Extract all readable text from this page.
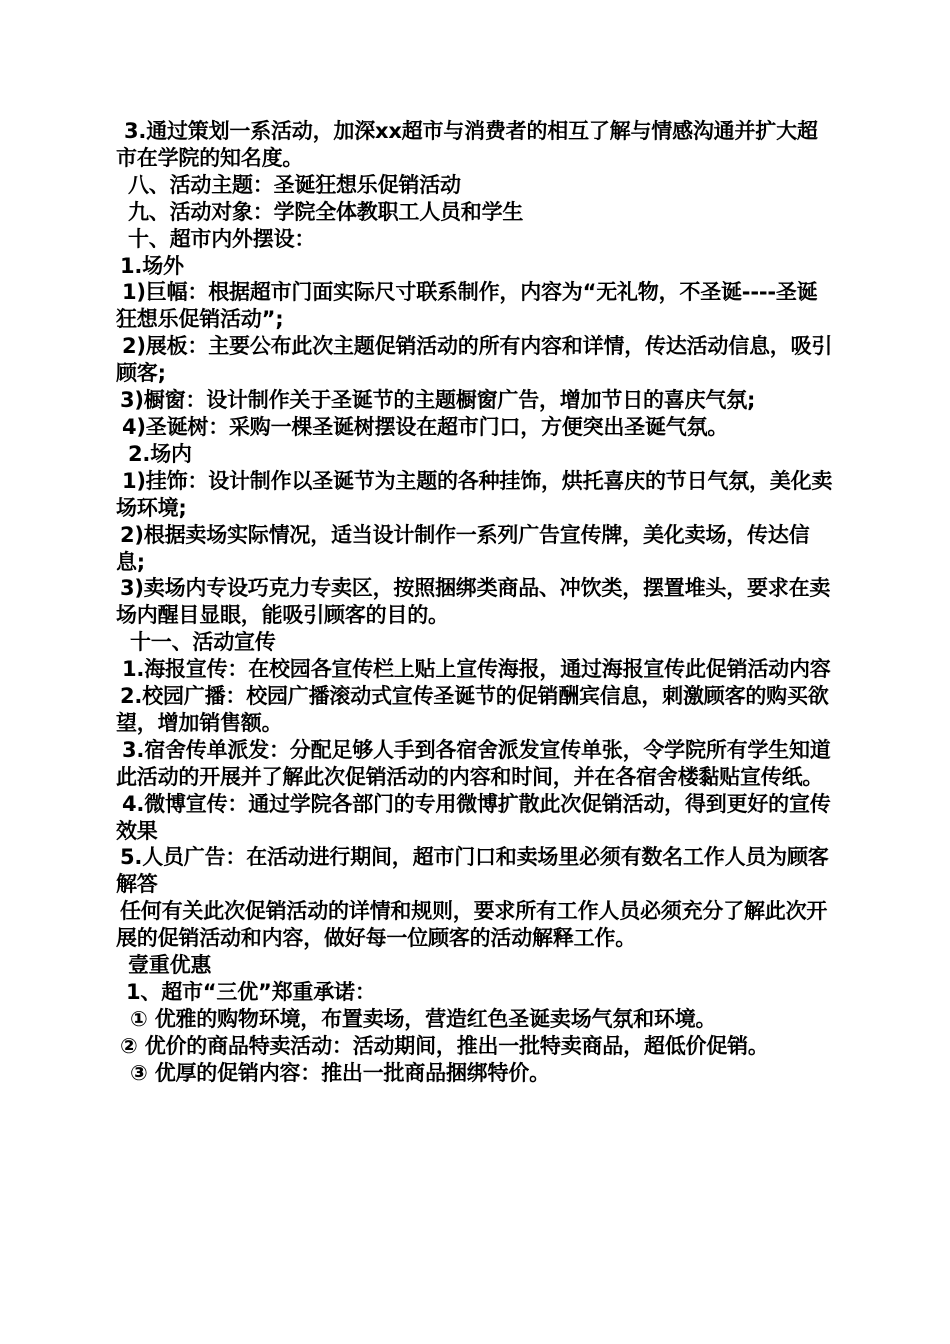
3.通过策划一系活动，加深xx超市与消费者的相互了解与情感沟通并扩大超市在学院的知名度。

八、活动主题：圣诞狂想乐促销活动

九、活动对象：学院全体教职工人员和学生

十、超市内外摆设：

1.场外

1)巨幅：根据超市门面实际尺寸联系制作，内容为“无礼物，不圣诞----圣诞狂想乐促销活动”;

2)展板：主要公布此次主题促销活动的所有内容和详情，传达活动信息，吸引顾客;

3)橱窗：设计制作关于圣诞节的主题橱窗广告，增加节日的喜庆气氛;

4)圣诞树：采购一棵圣诞树摆设在超市门口，方便突出圣诞气氛。

2.场内

1)挂饰：设计制作以圣诞节为主题的各种挂饰，烘托喜庆的节日气氛，美化卖场环境;

2)根据卖场实际情况，适当设计制作一系列广告宣传牌，美化卖场，传达信息;

3)卖场内专设巧克力专卖区，按照捆绑类商品、冲饮类，摆置堆头，要求在卖场内醒目显眼，能吸引顾客的目的。

十一、活动宣传

1.海报宣传：在校园各宣传栏上贴上宣传海报，通过海报宣传此促销活动内容

2.校园广播：校园广播滚动式宣传圣诞节的促销酬宾信息，刺激顾客的购买欲望，增加销售额。

3.宿舍传单派发：分配足够人手到各宿舍派发宣传单张，令学院所有学生知道此活动的开展并了解此次促销活动的内容和时间，并在各宿舍楼黏贴宣传纸。

4.微博宣传：通过学院各部门的专用微博扩散此次促销活动，得到更好的宣传效果

5.人员广告：在活动进行期间，超市门口和卖场里必须有数名工作人员为顾客解答

任何有关此次促销活动的详情和规则，要求所有工作人员必须充分了解此次开展的促销活动和内容，做好每一位顾客的活动解释工作。

壹重优惠

1、超市“三优”郑重承诺：

① 优雅的购物环境，布置卖场，营造红色圣诞卖场气氛和环境。

② 优价的商品特卖活动：活动期间，推出一批特卖商品，超低价促销。

③ 优厚的促销内容：推出一批商品捆绑特价。
